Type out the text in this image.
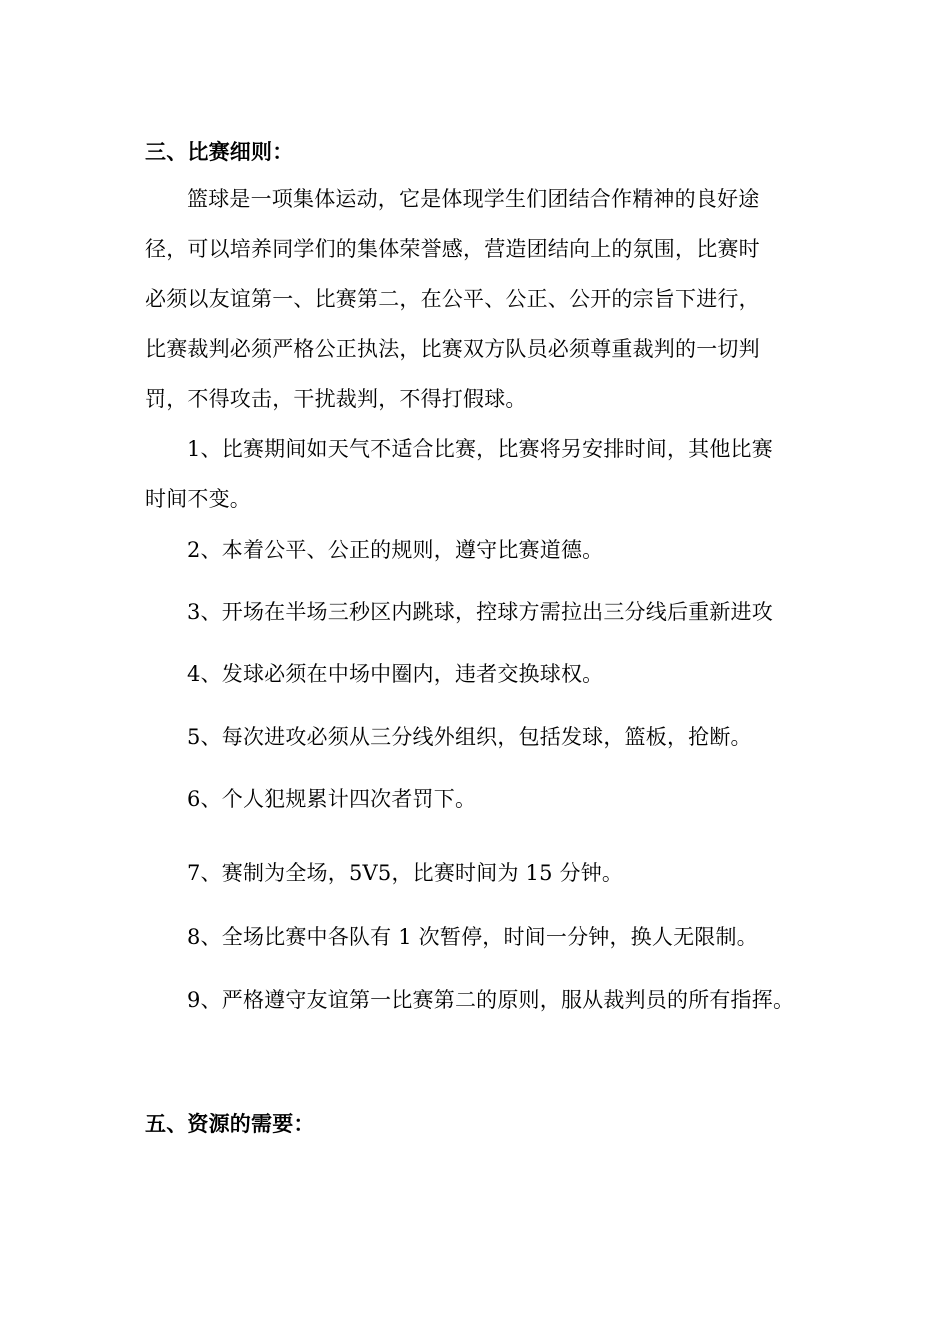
三、比赛细则：
篮球是一项集体运动，它是体现学生们团结合作精神的良好途
径，可以培养同学们的集体荣誉感，营造团结向上的氛围，比赛时
必须以友谊第一、比赛第二，在公平、公正、公开的宗旨下进行，
比赛裁判必须严格公正执法，比赛双方队员必须尊重裁判的一切判
罚，不得攻击，干扰裁判，不得打假球。
1、比赛期间如天气不适合比赛，比赛将另安排时间，其他比赛
时间不变。
2、本着公平、公正的规则，遵守比赛道德。
3、开场在半场三秒区内跳球，控球方需拉出三分线后重新进攻
4、发球必须在中场中圈内，违者交换球权。
5、每次进攻必须从三分线外组织，包括发球，篮板，抢断。
6、个人犯规累计四次者罚下。
7、赛制为全场，5V5，比赛时间为 15 分钟。
8、全场比赛中各队有 1 次暂停，时间一分钟，换人无限制。
9、严格遵守友谊第一比赛第二的原则，服从裁判员的所有指挥。
五、资源的需要：
